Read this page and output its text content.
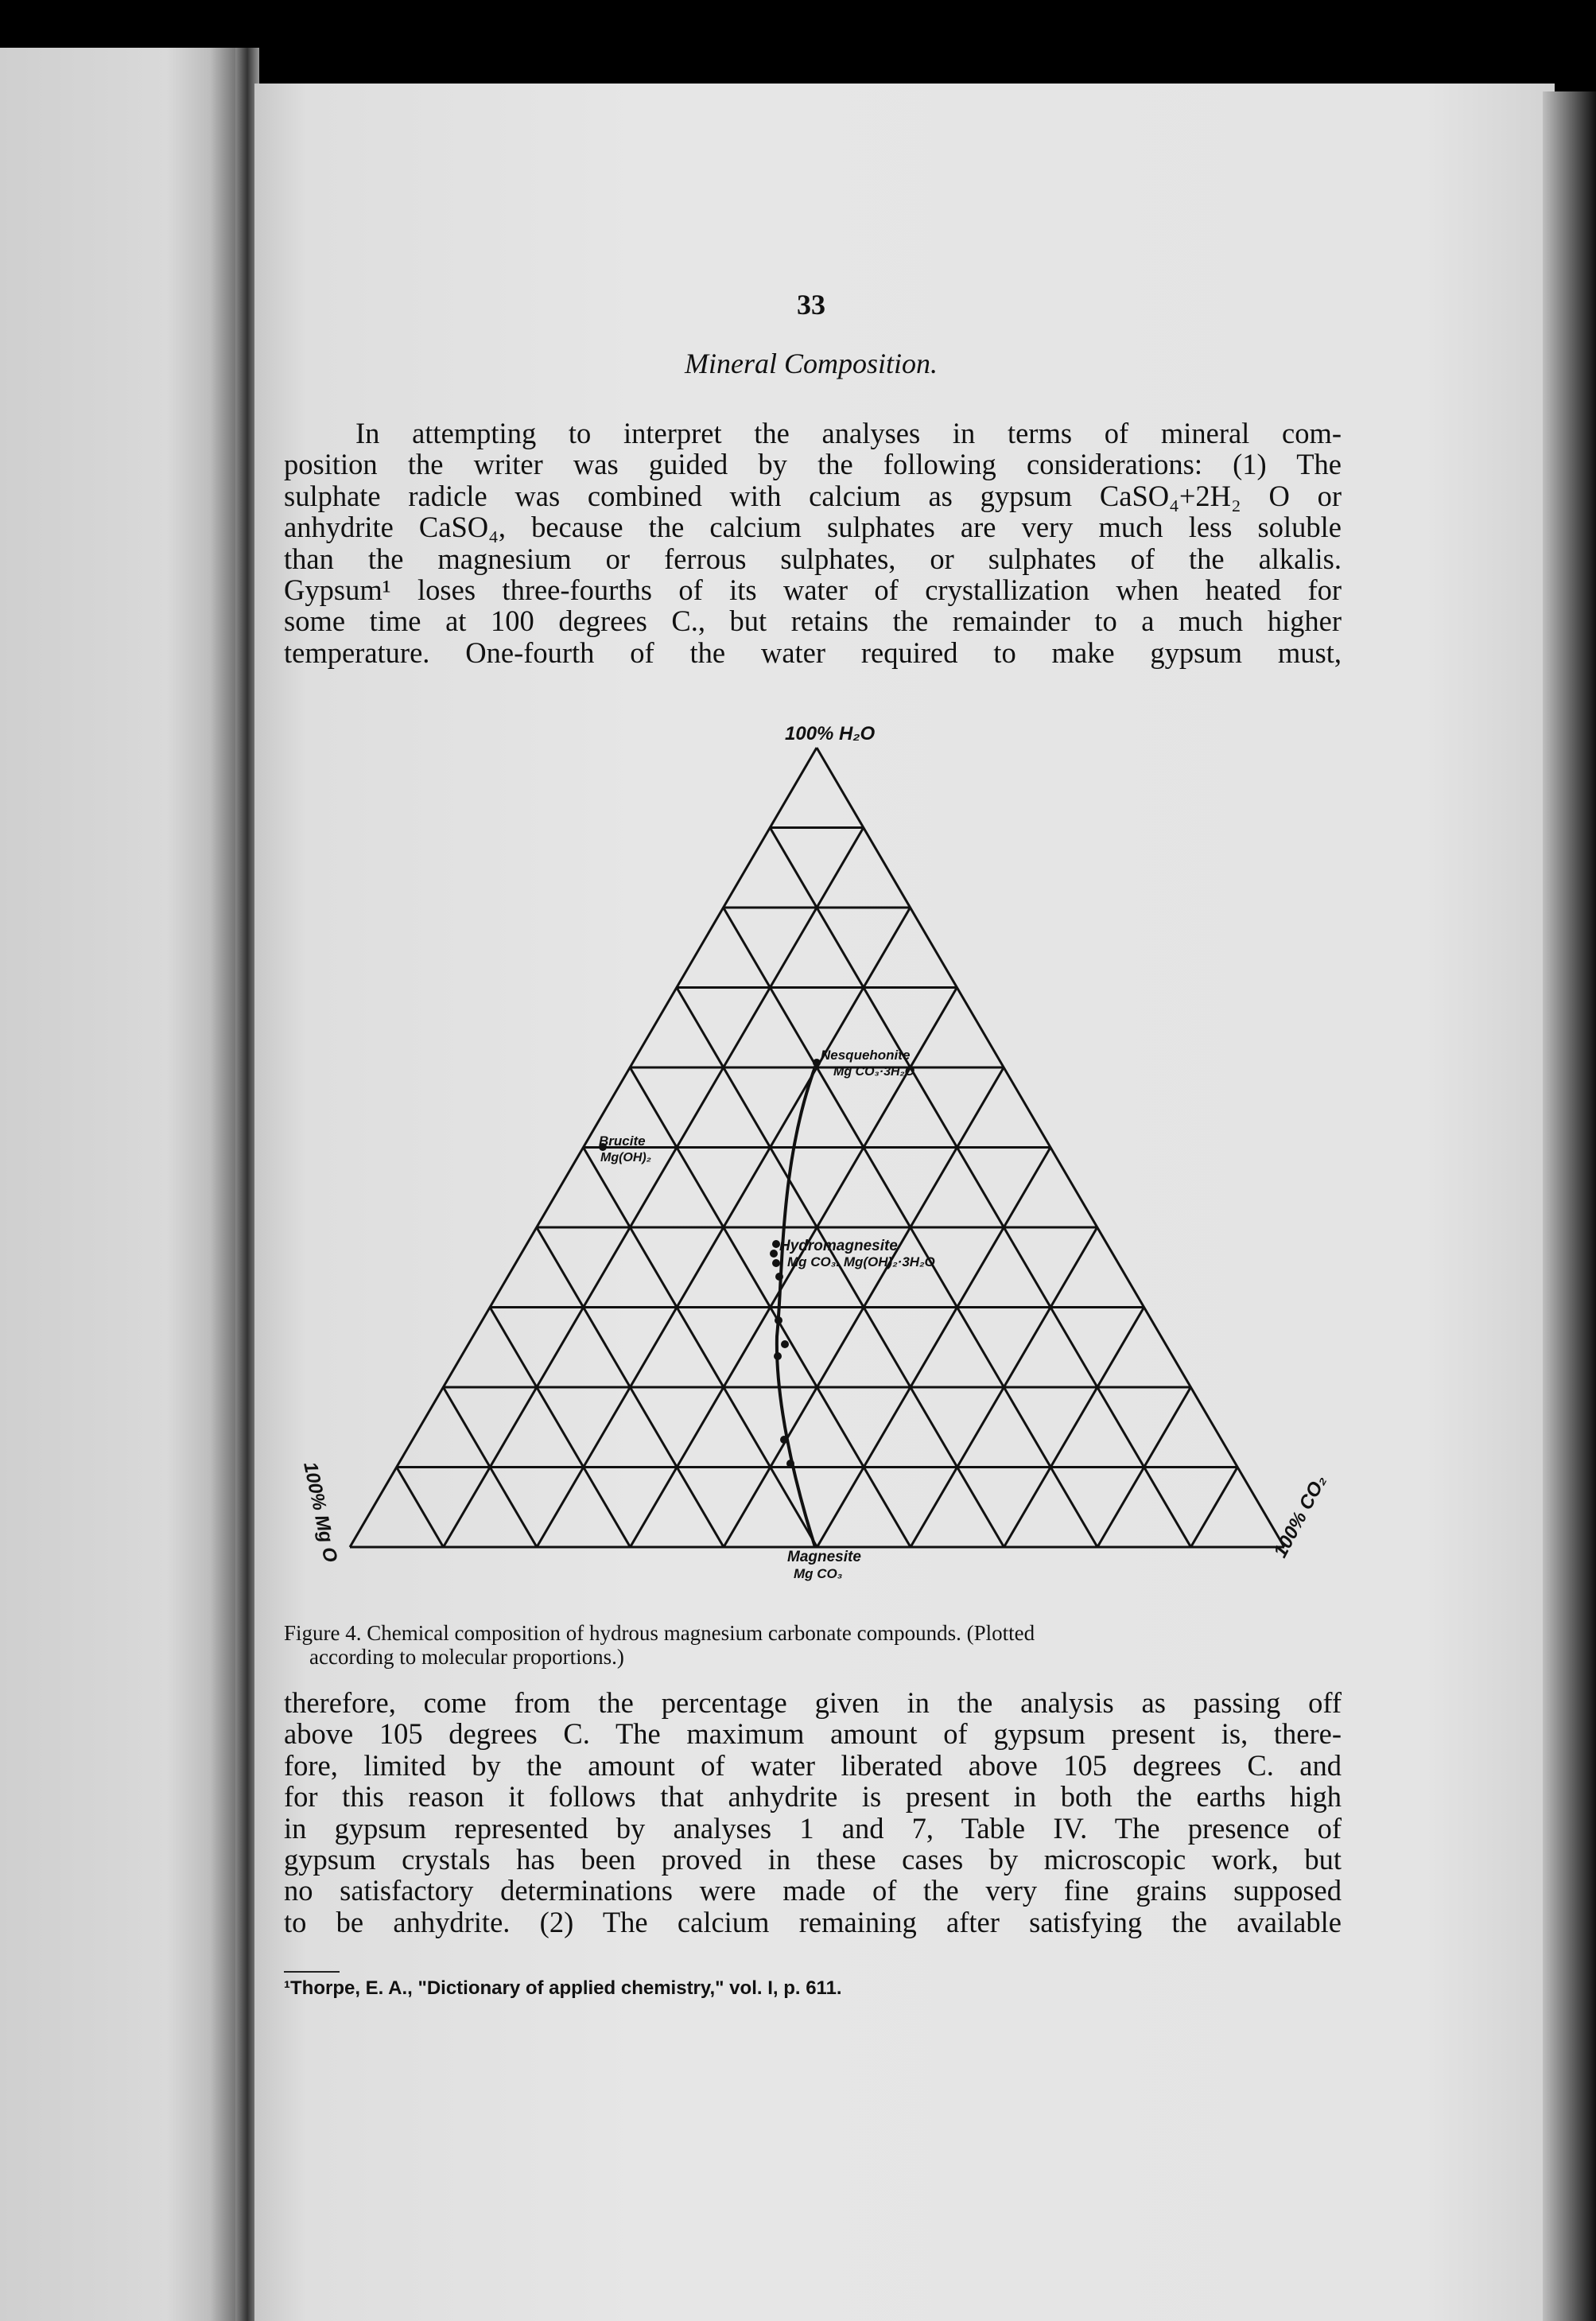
33
Mineral Composition.
In attempting to interpret the analyses in terms of mineral com-
position the writer was guided by the following considerations: (1) The
sulphate radicle was combined with calcium as gypsum CaSO₄+2H₂ O or
anhydrite CaSO₄, because the calcium sulphates are very much less soluble
than the magnesium or ferrous sulphates, or sulphates of the alkalis.
Gypsum¹ loses three-fourths of its water of crystallization when heated for
some time at 100 degrees C., but retains the remainder to a much higher
temperature. One-fourth of the water required to make gypsum must,
100% H₂O
100% Mg O	100% CO₂
Nesquehonite
Mg CO₃·3H₂O
Brucite
Mg(OH)₂
Hydromagnesite
Mg CO₃. Mg(OH)₂·3H₂O
Magnesite
Mg CO₃
Figure 4. Chemical composition of hydrous magnesium carbonate compounds. (Plotted
according to molecular proportions.)
therefore, come from the percentage given in the analysis as passing off
above 105 degrees C. The maximum amount of gypsum present is, there-
fore, limited by the amount of water liberated above 105 degrees C. and
for this reason it follows that anhydrite is present in both the earths high
in gypsum represented by analyses 1 and 7, Table IV. The presence of
gypsum crystals has been proved in these cases by microscopic work, but
no satisfactory determinations were made of the very fine grains supposed
to be anhydrite. (2) The calcium remaining after satisfying the available
¹Thorpe, E. A., "Dictionary of applied chemistry," vol. I, p. 611.
